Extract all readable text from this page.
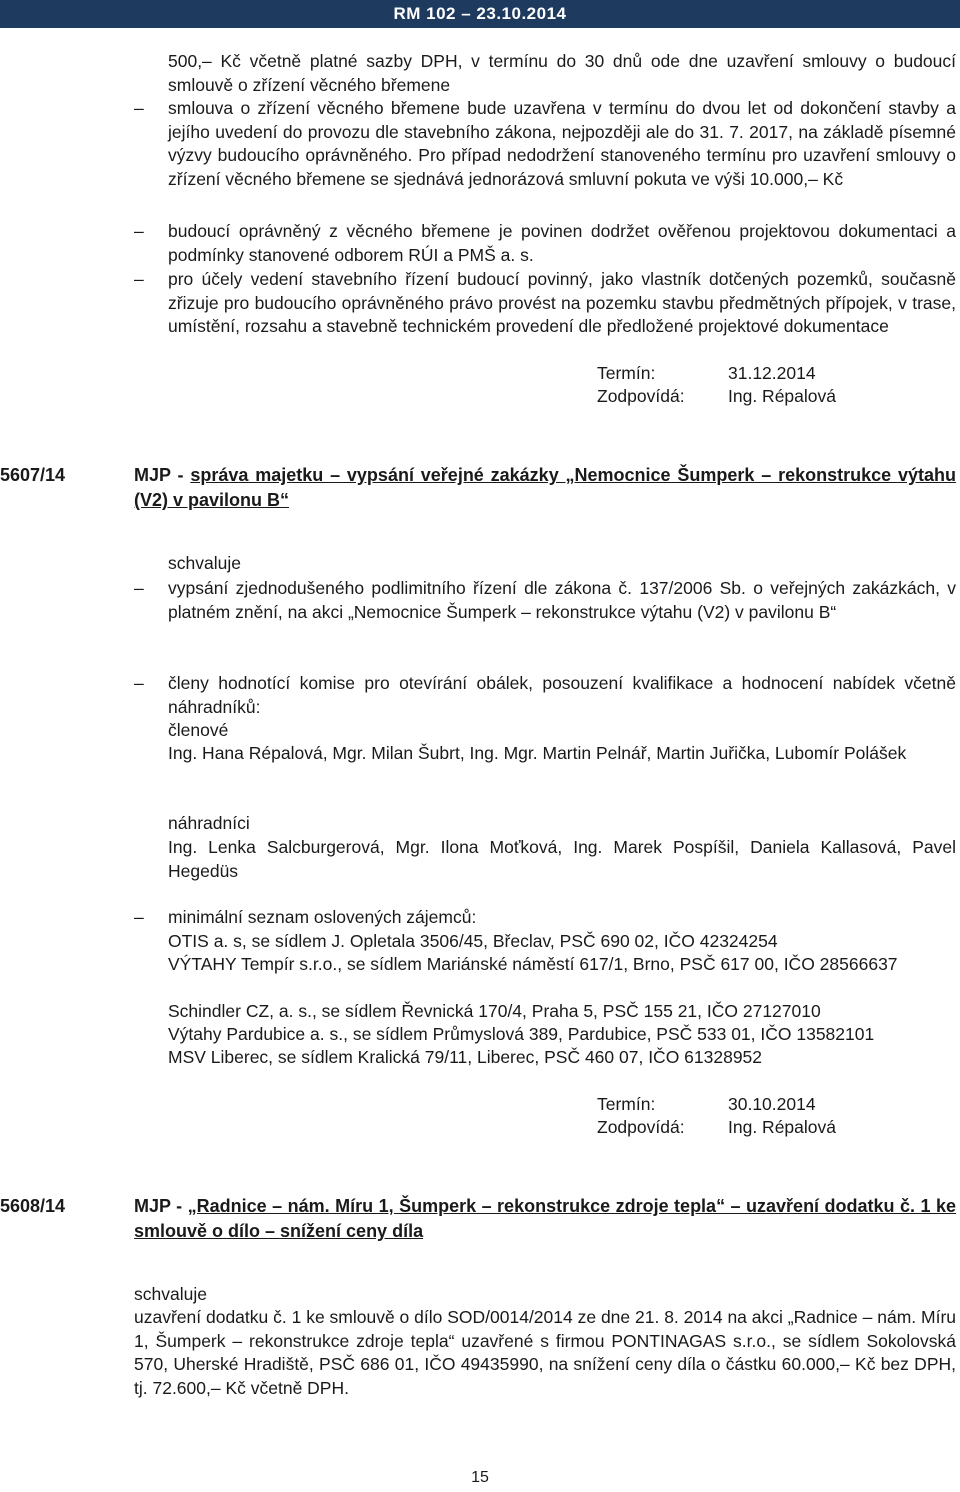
RM 102 – 23.10.2014

500,– Kč včetně platné sazby DPH, v termínu do 30 dnů ode dne uzavření smlouvy o budoucí smlouvě o zřízení věcného břemene

– smlouva o zřízení věcného břemene bude uzavřena v termínu do dvou let od dokončení stavby a jejího uvedení do provozu dle stavebního zákona, nejpozději ale do 31. 7. 2017, na základě písemné výzvy budoucího oprávněného. Pro případ nedodržení stanoveného termínu pro uzavření smlouvy o zřízení věcného břemene se sjednává jednorázová smluvní pokuta ve výši 10.000,– Kč

– budoucí oprávněný z věcného břemene je povinen dodržet ověřenou projektovou dokumentaci a podmínky stanovené odborem RÚI a PMŠ a. s.

– pro účely vedení stavebního řízení budoucí povinný, jako vlastník dotčených pozemků, současně zřizuje pro budoucího oprávněného právo provést na pozemku stavbu předmětných přípojek, v trase, umístění, rozsahu a stavebně technickém provedení dle předložené projektové dokumentace

Termín:	31.12.2014
Zodpovídá: Ing. Répalová
5607/14	MJP - správa majetku – vypsání veřejné zakázky „Nemocnice Šumperk – rekonstrukce výtahu (V2) v pavilonu B“

schvaluje
– vypsání zjednodušeného podlimitního řízení dle zákona č. 137/2006 Sb. o veřejných zakázkách, v platném znění, na akci „Nemocnice Šumperk – rekonstrukce výtahu (V2) v pavilonu B“

– členy hodnotící komise pro otevírání obálek, posouzení kvalifikace a hodnocení nabídek včetně náhradníků:

členové

Ing. Hana Répalová, Mgr. Milan Šubrt, Ing. Mgr. Martin Pelnář, Martin Juřička, Lubomír Polášek

náhradníci

Ing. Lenka Salcburgerová, Mgr. Ilona Moťková, Ing. Marek Pospíšil, Daniela Kallasová, Pavel Hegedüs

– minimální seznam oslovených zájemců:

OTIS a. s, se sídlem J. Opletala 3506/45, Břeclav, PSČ 690 02, IČO 42324254

VÝTAHY Tempír s.r.o., se sídlem Mariánské náměstí 617/1, Brno, PSČ 617 00, IČO 28566637

Schindler CZ, a. s., se sídlem Řevnická 170/4, Praha 5, PSČ 155 21, IČO 27127010

Výtahy Pardubice a. s., se sídlem Průmyslová 389, Pardubice, PSČ 533 01, IČO 13582101

MSV Liberec, se sídlem Kralická 79/11, Liberec, PSČ 460 07, IČO 61328952

Termín:	30.10.2014
Zodpovídá: Ing. Répalová
5608/14	MJP - „Radnice – nám. Míru 1, Šumperk – rekonstrukce zdroje tepla“ – uzavření dodatku č. 1 ke smlouvě o dílo – snížení ceny díla

schvaluje

uzavření dodatku č. 1 ke smlouvě o dílo SOD/0014/2014 ze dne 21. 8. 2014 na akci „Radnice – nám. Míru 1, Šumperk – rekonstrukce zdroje tepla“ uzavřené s firmou PONTINAGAS s.r.o., se sídlem Sokolovská 570, Uherské Hradiště, PSČ 686 01, IČO 49435990, na snížení ceny díla o částku 60.000,– Kč bez DPH, tj. 72.600,– Kč včetně DPH.

15
